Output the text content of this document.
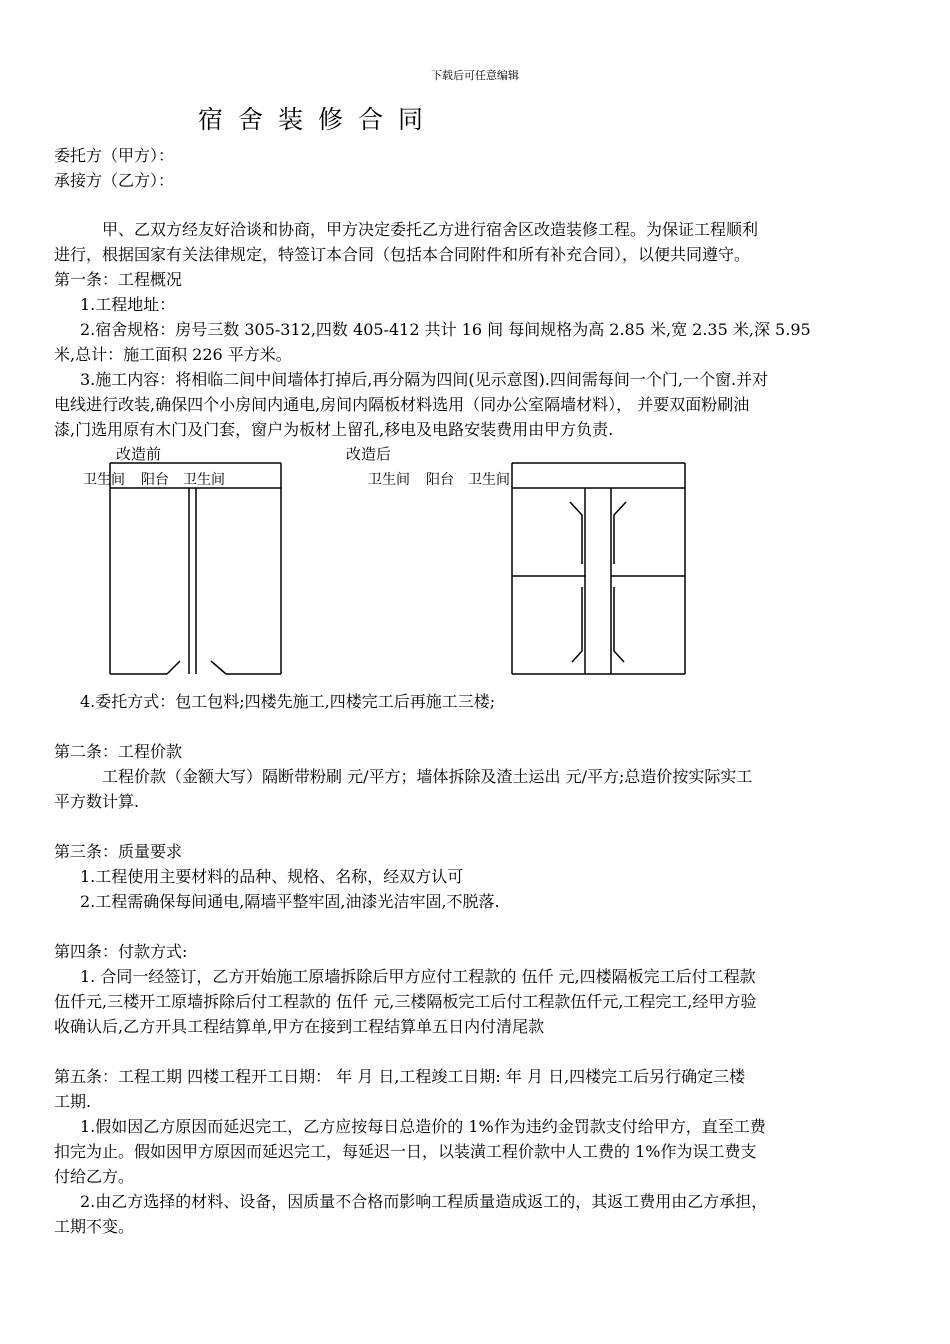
下载后可任意编辑
宿舍装修合同
委托方（甲方）：
承接方（乙方）：
甲、乙双方经友好洽谈和协商，甲方决定委托乙方进行宿舍区改造装修工程。为保证工程顺利
进行，根据国家有关法律规定，特签订本合同（包括本合同附件和所有补充合同），以便共同遵守。
第一条：工程概况
1.工程地址：
2.宿舍规格：房号三数 305-312,四数 405-412 共计 16 间 每间规格为高 2.85 米,宽 2.35 米,深 5.95
米,总计：施工面积 226 平方米。
3.施工内容：将相临二间中间墙体打掉后,再分隔为四间(见示意图).四间需每间一个门,一个窗.并对
电线进行改装,确保四个小房间内通电,房间内隔板材料选用（同办公室隔墙材料）， 并要双面粉刷油
漆,门选用原有木门及门套，窗户为板材上留孔,移电及电路安装费用由甲方负责.
改造前	改造后
卫生间 阳台 卫生间	卫生间 阳台 卫生间
4.委托方式：包工包料;四楼先施工,四楼完工后再施工三楼;
第二条：工程价款
工程价款（金额大写）隔断带粉刷 元/平方；墙体拆除及渣土运出 元/平方;总造价按实际实工
平方数计算.
第三条：质量要求
1.工程使用主要材料的品种、规格、名称，经双方认可
2.工程需确保每间通电,隔墙平整牢固,油漆光洁牢固,不脱落.
第四条：付款方式:
1. 合同一经签订，乙方开始施工原墙拆除后甲方应付工程款的 伍仟 元,四楼隔板完工后付工程款
伍仟元,三楼开工原墙拆除后付工程款的 伍仟 元,三楼隔板完工后付工程款伍仟元,工程完工,经甲方验
收确认后,乙方开具工程结算单,甲方在接到工程结算单五日内付清尾款
第五条：工程工期 四楼工程开工日期： 年 月 日,工程竣工日期: 年 月 日,四楼完工后另行确定三楼
工期.
1.假如因乙方原因而延迟完工，乙方应按每日总造价的 1%作为违约金罚款支付给甲方，直至工费
扣完为止。假如因甲方原因而延迟完工，每延迟一日，以装潢工程价款中人工费的 1%作为误工费支
付给乙方。
2.由乙方选择的材料、设备，因质量不合格而影响工程质量造成返工的，其返工费用由乙方承担，
工期不变。
